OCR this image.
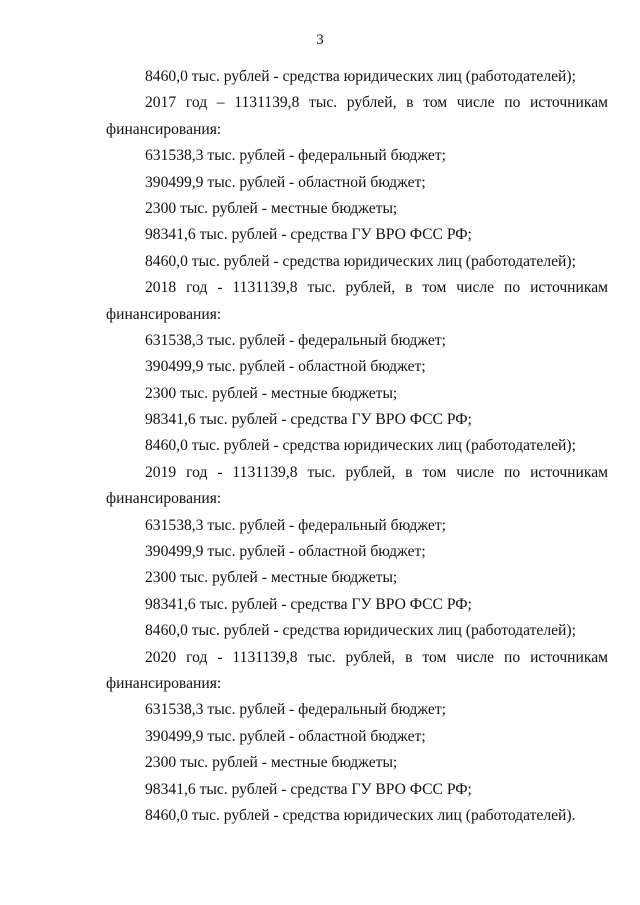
3
8460,0 тыс. рублей - средства юридических лиц (работодателей);
2017 год – 1131139,8 тыс. рублей, в том числе по источникам
финансирования:
631538,3 тыс. рублей - федеральный бюджет;
390499,9 тыс. рублей - областной бюджет;
2300 тыс. рублей - местные бюджеты;
98341,6 тыс. рублей - средства ГУ ВРО ФСС РФ;
8460,0 тыс. рублей - средства юридических лиц (работодателей);
2018 год - 1131139,8 тыс. рублей, в том числе по источникам
финансирования:
631538,3 тыс. рублей - федеральный бюджет;
390499,9 тыс. рублей - областной бюджет;
2300 тыс. рублей - местные бюджеты;
98341,6 тыс. рублей - средства ГУ ВРО ФСС РФ;
8460,0 тыс. рублей - средства юридических лиц (работодателей);
2019 год - 1131139,8 тыс. рублей, в том числе по источникам
финансирования:
631538,3 тыс. рублей - федеральный бюджет;
390499,9 тыс. рублей - областной бюджет;
2300 тыс. рублей - местные бюджеты;
98341,6 тыс. рублей - средства ГУ ВРО ФСС РФ;
8460,0 тыс. рублей - средства юридических лиц (работодателей);
2020 год - 1131139,8 тыс. рублей, в том числе по источникам
финансирования:
631538,3 тыс. рублей - федеральный бюджет;
390499,9 тыс. рублей - областной бюджет;
2300 тыс. рублей - местные бюджеты;
98341,6 тыс. рублей - средства ГУ ВРО ФСС РФ;
8460,0 тыс. рублей - средства юридических лиц (работодателей).
